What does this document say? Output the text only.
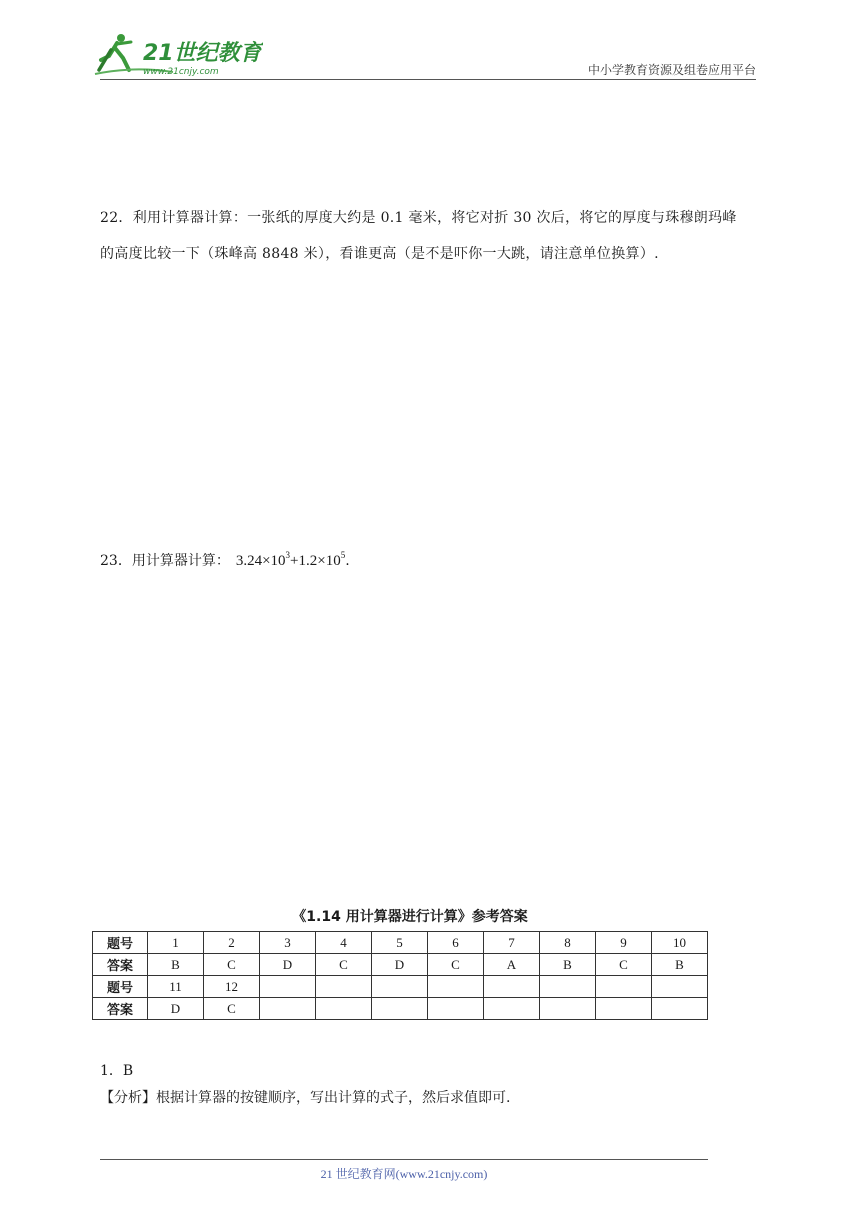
21世纪教育
www.21cnjy.com	中小学教育资源及组卷应用平台
22．利用计算器计算：一张纸的厚度大约是 0.1 毫米，将它对折 30 次后，将它的厚度与珠穆朗玛峰
的高度比较一下（珠峰高 8848 米），看谁更高（是不是吓你一大跳，请注意单位换算）.
23．用计算器计算： $3.24\times 10^3+1.2\times 10^5$.
《1.14 用计算器进行计算》参考答案
题号	1	2	3	4	5	6	7	8	9	10
答案	B	C	D	C	D	C	A	B	C	B
题号	11	12								
答案	D	C								
1．B
【分析】根据计算器的按键顺序，写出计算的式子，然后求值即可.
21 世纪教育网(www.21cnjy.com)
